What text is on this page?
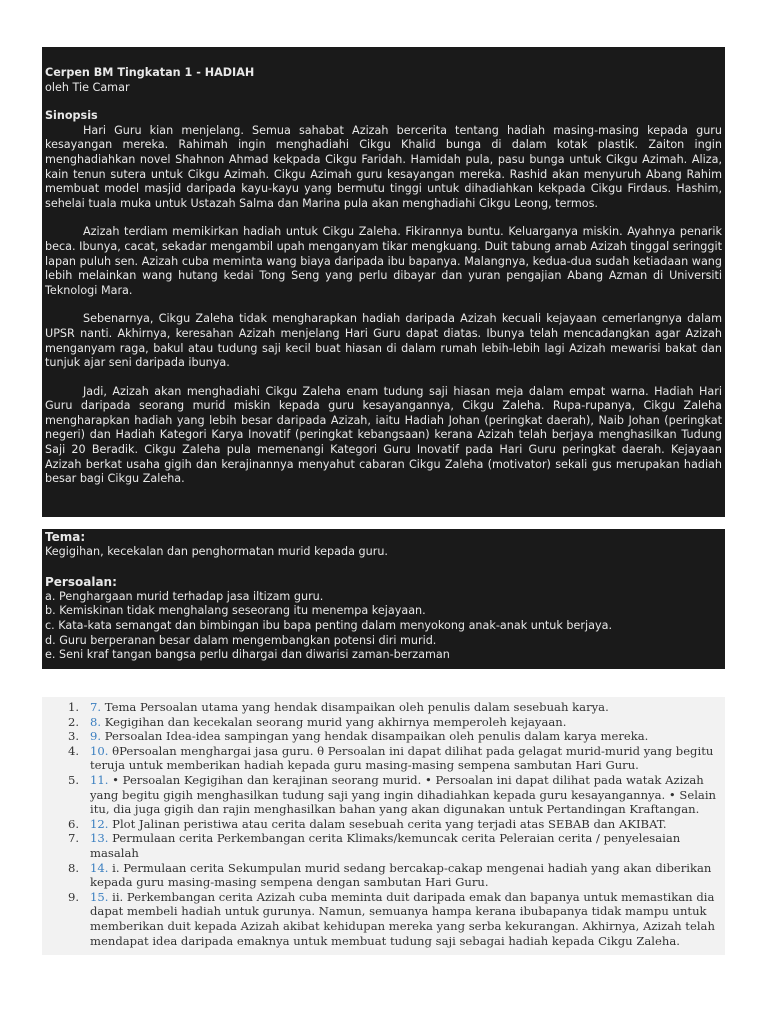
Cerpen BM Tingkatan 1 - HADIAH

oleh Tie Camar

Sinopsis

Hari Guru kian menjelang. Semua sahabat Azizah bercerita tentang hadiah masing-masing kepada guru kesayangan mereka. Rahimah ingin menghadiahi Cikgu Khalid bunga di dalam kotak plastik. Zaiton ingin menghadiahkan novel Shahnon Ahmad kekpada Cikgu Faridah. Hamidah pula, pasu bunga untuk Cikgu Azimah. Aliza, kain tenun sutera untuk Cikgu Azimah. Cikgu Azimah guru kesayangan mereka. Rashid akan menyuruh Abang Rahim membuat model masjid daripada kayu-kayu yang bermutu tinggi untuk dihadiahkan kekpada Cikgu Firdaus. Hashim, sehelai tuala muka untuk Ustazah Salma dan Marina pula akan menghadiahi Cikgu Leong, termos.

Azizah terdiam memikirkan hadiah untuk Cikgu Zaleha. Fikirannya buntu. Keluarganya miskin. Ayahnya penarik beca. Ibunya, cacat, sekadar mengambil upah menganyam tikar mengkuang. Duit tabung arnab Azizah tinggal seringgit lapan puluh sen. Azizah cuba meminta wang biaya daripada ibu bapanya. Malangnya, kedua-dua sudah ketiadaan wang lebih melainkan wang hutang kedai Tong Seng yang perlu dibayar dan yuran pengajian Abang Azman di Universiti Teknologi Mara.

Sebenarnya, Cikgu Zaleha tidak mengharapkan hadiah daripada Azizah kecuali kejayaan cemerlangnya dalam UPSR nanti. Akhirnya, keresahan Azizah menjelang Hari Guru dapat diatas. Ibunya telah mencadangkan agar Azizah menganyam raga, bakul atau tudung saji kecil buat hiasan di dalam rumah lebih-lebih lagi Azizah mewarisi bakat dan tunjuk ajar seni daripada ibunya.

Jadi, Azizah akan menghadiahi Cikgu Zaleha enam tudung saji hiasan meja dalam empat warna. Hadiah Hari Guru daripada seorang murid miskin kepada guru kesayangannya, Cikgu Zaleha. Rupa-rupanya, Cikgu Zaleha mengharapkan hadiah yang lebih besar daripada Azizah, iaitu Hadiah Johan (peringkat daerah), Naib Johan (peringkat negeri) dan Hadiah Kategori Karya Inovatif (peringkat kebangsaan) kerana Azizah telah berjaya menghasilkan Tudung Saji 20 Beradik. Cikgu Zaleha pula memenangi Kategori Guru Inovatif pada Hari Guru peringkat daerah. Kejayaan Azizah berkat usaha gigih dan kerajinannya menyahut cabaran Cikgu Zaleha (motivator) sekali gus merupakan hadiah besar bagi Cikgu Zaleha.

Tema:

Kegigihan, kecekalan dan penghormatan murid kepada guru.

Persoalan:

a. Penghargaan murid terhadap jasa iltizam guru.

b. Kemiskinan tidak menghalang seseorang itu menempa kejayaan.

c. Kata-kata semangat dan bimbingan ibu bapa penting dalam menyokong anak-anak untuk berjaya.

d. Guru berperanan besar dalam mengembangkan potensi diri murid.

e. Seni kraf tangan bangsa perlu dihargai dan diwarisi zaman-berzaman

1. 7. Tema Persoalan utama yang hendak disampaikan oleh penulis dalam sesebuah karya.
2. 8. Kegigihan dan kecekalan seorang murid yang akhirnya memperoleh kejayaan.
3. 9. Persoalan Idea-idea sampingan yang hendak disampaikan oleh penulis dalam karya mereka.
4. 10. θPersoalan menghargai jasa guru. θ Persoalan ini dapat dilihat pada gelagat murid-murid yang begitu teruja untuk memberikan hadiah kepada guru masing-masing sempena sambutan Hari Guru.
5. 11. • Persoalan Kegigihan dan kerajinan seorang murid. • Persoalan ini dapat dilihat pada watak Azizah yang begitu gigih menghasilkan tudung saji yang ingin dihadiahkan kepada guru kesayangannya. • Selain itu, dia juga gigih dan rajin menghasilkan bahan yang akan digunakan untuk Pertandingan Kraftangan.
6. 12. Plot Jalinan peristiwa atau cerita dalam sesebuah cerita yang terjadi atas SEBAB dan AKIBAT.
7. 13. Permulaan cerita Perkembangan cerita Klimaks/kemuncak cerita Peleraian cerita / penyelesaian masalah
8. 14. i. Permulaan cerita Sekumpulan murid sedang bercakap-cakap mengenai hadiah yang akan diberikan kepada guru masing-masing sempena dengan sambutan Hari Guru.
9. 15. ii. Perkembangan cerita Azizah cuba meminta duit daripada emak dan bapanya untuk memastikan dia dapat membeli hadiah untuk gurunya. Namun, semuanya hampa kerana ibubapanya tidak mampu untuk memberikan duit kepada Azizah akibat kehidupan mereka yang serba kekurangan. Akhirnya, Azizah telah mendapat idea daripada emaknya untuk membuat tudung saji sebagai hadiah kepada Cikgu Zaleha.
